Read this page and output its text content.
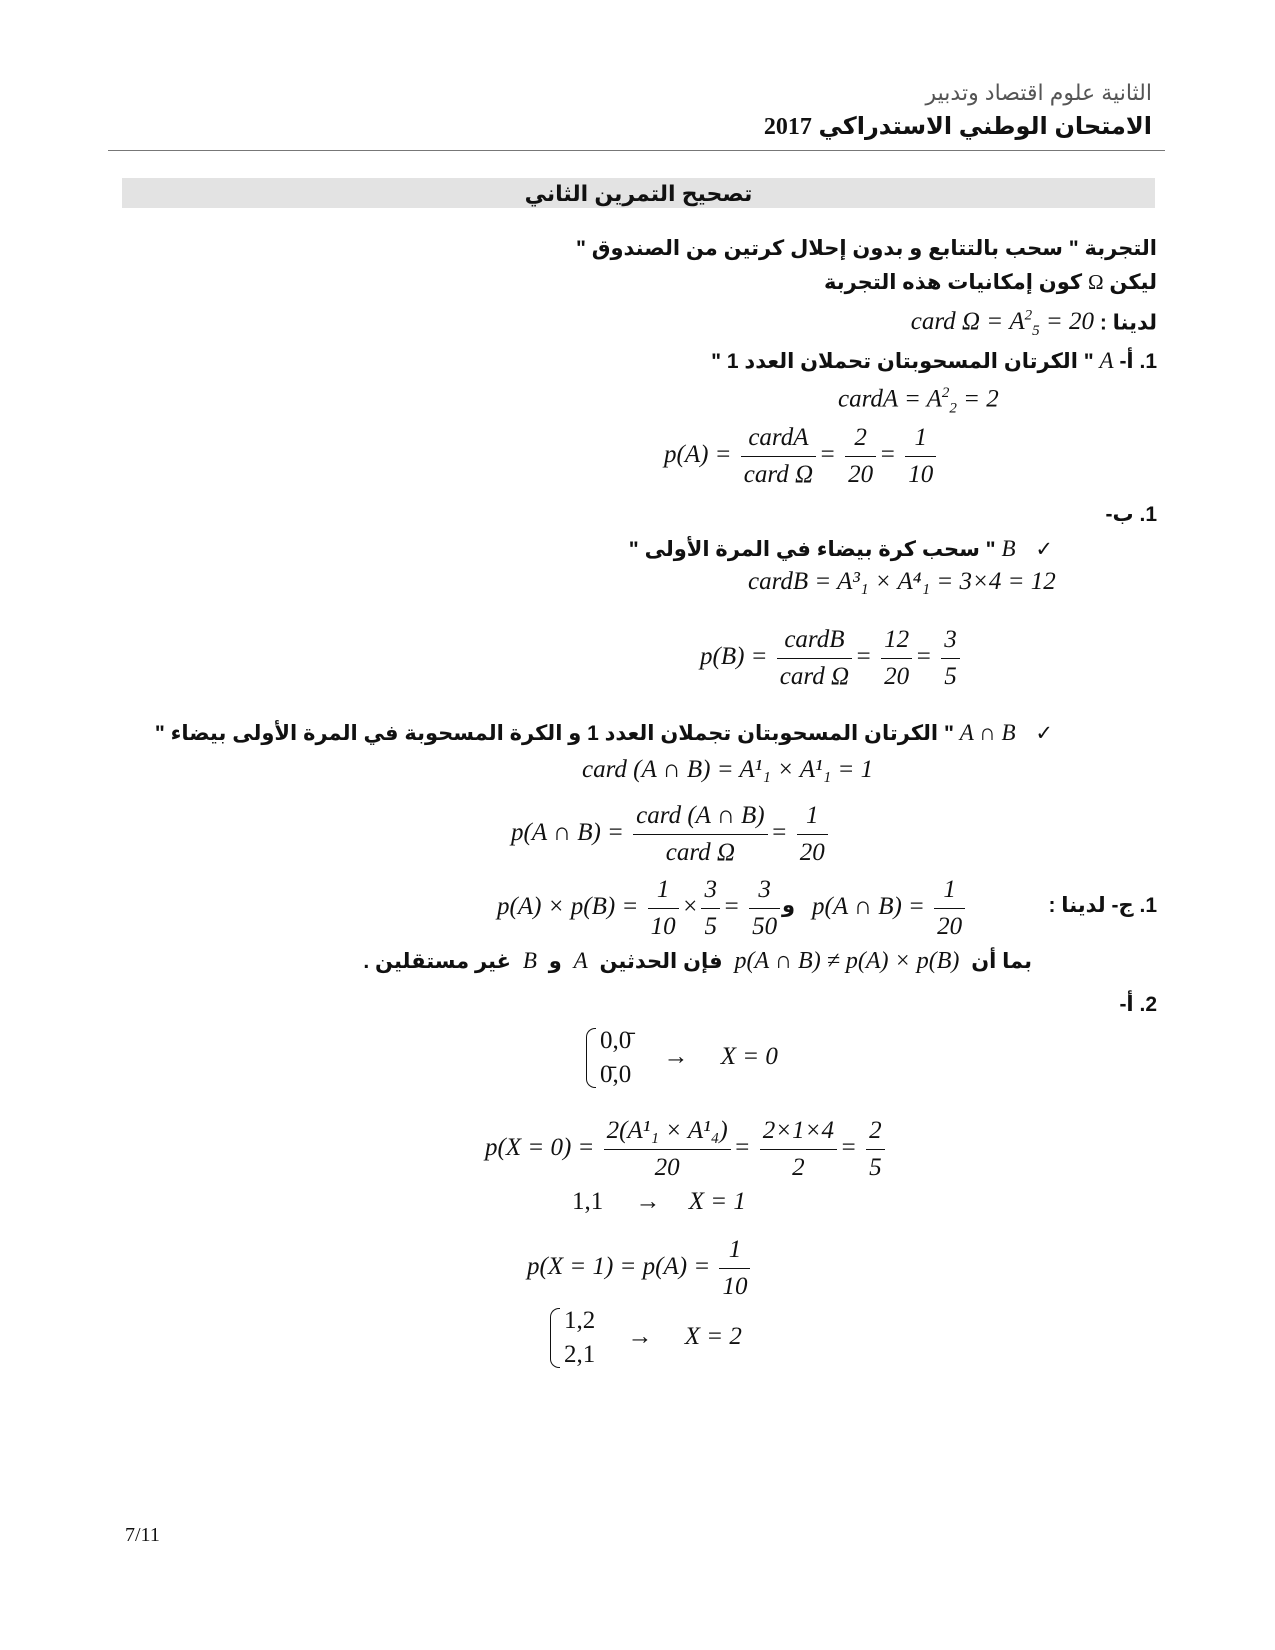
الثانية علوم اقتصاد وتدبير
الامتحان الوطني الاستدراكي 2017
تصحيح التمرين الثاني
التجربة " سحب بالتتابع و بدون إحلال كرتين من الصندوق "
ليكن Ω كون إمكانيات هذه التجربة
لدينا : card $\Omega = A^2_5 = 20$
1. أ- A " الكرتان المسحوبتان تحملان العدد 1 "
cardA = $A^2_2 = 2$
$p(A) = \frac{\text{cardA}}{\text{card Ω}} = \frac{2}{20} = \frac{1}{10}$
1. ب-
✓ B " سحب كرة بيضاء في المرة الأولى "
cardB = A³₁ × A⁴₁ = 3×4 = 12
$p(B) = \frac{\text{cardB}}{\text{card Ω}} = \frac{12}{20} = \frac{3}{5}$
✓ A ∩ B " الكرتان المسحوبتان تجملان العدد 1 و الكرة المسحوبة في المرة الأولى بيضاء "
card (A ∩ B) = A¹₁ × A¹₁ = 1
p(A ∩ $B) = \frac{\text{card (A ∩ B)}}{\text{card Ω}} = \frac{1}{20}$
1. ج- لدينا :
p(A ∩ $B) = \frac{1}{20}$
و
$p(A) \times p(B) = \frac{1}{10} \times \frac{3}{5} = \frac{3}{50}$
بما أن p(A ∩ B) ≠ p(A) × p(B) فإن الحدثين A و B غير مستقلين .
2. أ-
0,0̄
0̄,0
→ X = 0
$p(X = 0) = \frac{\text{2(A¹₁ × A¹₄)}}{20} = \frac{2\times 1\times 4}{2} = \frac{2}{5}$
1,1 → X = 1
$p(X = 1) = p(A) = \frac{1}{10}$
1,2
2,1
→ X = 2
7/11
